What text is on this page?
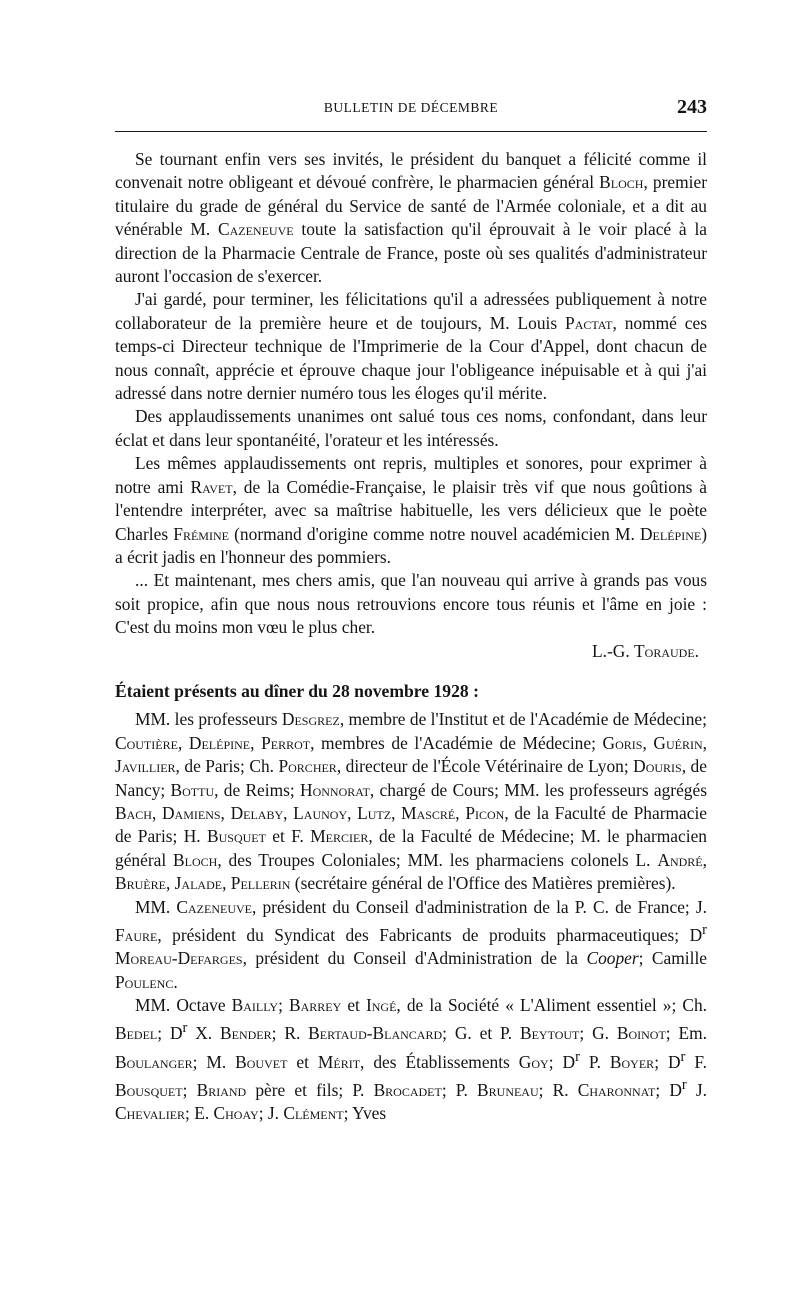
BULLETIN DE DÉCEMBRE	243

Se tournant enfin vers ses invités, le président du banquet a félicité comme il convenait notre obligeant et dévoué confrère, le pharmacien général Bloch, premier titulaire du grade de général du Service de santé de l'Armée coloniale, et a dit au vénérable M. Cazeneuve toute la satisfaction qu'il éprouvait à le voir placé à la direction de la Pharmacie Centrale de France, poste où ses qualités d'administrateur auront l'occasion de s'exercer.

J'ai gardé, pour terminer, les félicitations qu'il a adressées publiquement à notre collaborateur de la première heure et de toujours, M. Louis Pactat, nommé ces temps-ci Directeur technique de l'Imprimerie de la Cour d'Appel, dont chacun de nous connaît, apprécie et éprouve chaque jour l'obligeance inépuisable et à qui j'ai adressé dans notre dernier numéro tous les éloges qu'il mérite.

Des applaudissements unanimes ont salué tous ces noms, confondant, dans leur éclat et dans leur spontanéité, l'orateur et les intéressés.

Les mêmes applaudissements ont repris, multiples et sonores, pour exprimer à notre ami Ravet, de la Comédie-Française, le plaisir très vif que nous goûtions à l'entendre interpréter, avec sa maîtrise habituelle, les vers délicieux que le poète Charles Frémine (normand d'origine comme notre nouvel académicien M. Delépine) a écrit jadis en l'honneur des pommiers.

... Et maintenant, mes chers amis, que l'an nouveau qui arrive à grands pas vous soit propice, afin que nous nous retrouvions encore tous réunis et l'âme en joie : C'est du moins mon vœu le plus cher.

L.-G. Toraude.
Étaient présents au dîner du 28 novembre 1928 :

MM. les professeurs Desgrez, membre de l'Institut et de l'Académie de Médecine; Coutière, Delépine, Perrot, membres de l'Académie de Médecine; Goris, Guérin, Javillier, de Paris; Ch. Porcher, directeur de l'École Vétérinaire de Lyon; Douris, de Nancy; Bottu, de Reims; Honnorat, chargé de Cours; MM. les professeurs agrégés Bach, Damiens, Delaby, Launoy, Lutz, Mascré, Picon, de la Faculté de Pharmacie de Paris; H. Busquet et F. Mercier, de la Faculté de Médecine; M. le pharmacien général Bloch, des Troupes Coloniales; MM. les pharmaciens colonels L. André, Bruère, Jalade, Pellerin (secrétaire général de l'Office des Matières premières).

MM. Cazeneuve, président du Conseil d'administration de la P. C. de France; J. Faure, président du Syndicat des Fabricants de produits pharmaceutiques; $D^r$ Moreau-Defarges, président du Conseil d'Administration de la Cooper; Camille Poulenc.

MM. Octave Bailly; Barrey et Ingé, de la Société « L'Aliment essentiel »; Ch. Bedel; $D^r$ X. Bender; R. Bertaud-Blancard; G. et P. Beytout; G. Boinot; Em. Boulanger; M. Bouvet et Mérit, des Établissements Goy; $D^r$ P. Boyer; $D^r$ F. Bousquet; Briand père et fils; P. Brocadet; P. Bruneau; R. Charonnat; $D^r$ J. Chevalier; E. Choay; J. Clément; Yves
